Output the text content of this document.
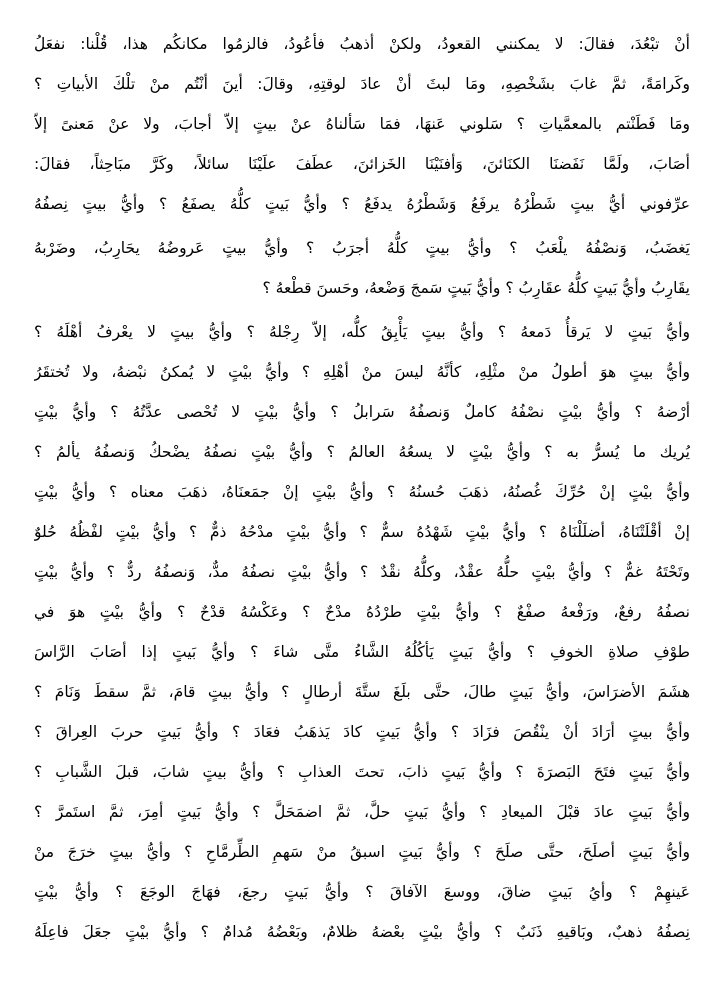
أنْ تبْعُدَ، فقالَ: لا يمكنني القعودُ، ولكنْ أذهبُ فأعُودُ، فالزمُوا مكانكُم هذا، قُلْنا: نفعَلُ
وكَرامَةً، ثمَّ غابَ بشَخْصِهِ، ومَا لبثَ أنْ عادَ لوقتِهِ، وقالَ: أينَ أنْتُم منْ تلْكَ الأبياتِ ؟
ومَا فَطَنْتم بالمعمَّياتِ ؟ سَلوني عَنهَا، فمَا سَألناهُ عنْ بيتٍ إلاّ أجابَ، ولا عنْ مَعنىً إلاّ
أصَابَ، ولَمَّا نَفَضنَا الكنَائنَ، وَأفنَيْنَا الخَزائنَ، عطَفَ علَيْنَا سائلاً، وكَرَّ مبَاحِثاً، فقالَ:
عرِّفوني أيُّ بيتٍ شَطْرُهُ يرفَعُ وَشَطْرُهُ يدفَعُ ؟ وأيُّ بَيتٍ كلُّهُ يصفَعُ ؟ وأيُّ بيتٍ نِصفُهُ
يَغضَبُ، وَنصْفُهُ يلْعَبُ ؟ وأيُّ بيتٍ كلُّهُ أجرَبُ ؟ وأيُّ بيتٍ عَروضُهُ يحَارِبُ، وضَرْبهُ
يقَارِبُ وأيُّ بَيتٍ كلُّهُ عقَارِبُ ؟ وأيُّ بَيتٍ سَمجَ وَضْعهُ، وحَسنَ قطْعهُ ؟
وأيُّ بَيتٍ لا يَرقأُ دَمعهُ ؟ وأيُّ بيتٍ يَأْبِقُ كلُّه، إلاّ رِجْلهُ ؟ وأيُّ بيتٍ لا يعْرفُ أهْلَهُ ؟
وأيُّ بيتٍ هوَ أطولُ منْ مثْلِهِ، كأنَّهُ ليسَ منْ أهْلِهِ ؟ وأيُّ بيْتٍ لا يُمكنُ نبْضهُ، ولا تُختقَرُ
أرْضهُ ؟ وأيُّ بيْتٍ نصْفُهُ كاملٌ وَنصفُهُ سَرابلُ ؟ وأيُّ بيْتٍ لا تُحْصى عدَّتُهُ ؟ وأيُّ بيْتٍ
يُريك ما يُسرُّ به ؟ وأيُّ بيْتٍ لا يسعُهُ العالمُ ؟ وأيُّ بيْتٍ نصفُهُ يضْحكُ وَنصفُهُ يألمُ ؟
وأيُّ بيْتٍ إنْ حُرِّكَ غُصنُهُ، ذهَبَ حُسنُهُ ؟ وأيُّ بيْتٍ إنْ جمَعنَاهُ، ذهَبَ معناه ؟ وأيُّ بيْتٍ
إنْ أقْلَتْنَاهُ، أضلَلْنَاهُ ؟ وأيُّ بيْتٍ شَهْدُهُ سمٌّ ؟ وأيُّ بيْتٍ مدْحُهُ ذمٌّ ؟ وأيُّ بيْتٍ لفْظُهُ حُلوٌ
وتَحْتَهُ غمٌّ ؟ وأيُّ بيْتٍ حلُّهُ عقْدٌ، وكلُّهُ نقْدٌ ؟ وأيُّ بيْتٍ نصفُهُ مدٌّ، وَنصفُهُ ردٌّ ؟ وأيُّ بيْتٍ
نصفُهُ رفعٌ، ورَفْعهُ صفْعٌ ؟ وأيُّ بيْتٍ طرْدُهُ مدْحٌ ؟ وعَكْسُهُ قدْحٌ ؟ وأيُّ بيْتٍ هوَ في
طوْفِ صلاةِ الخوفِ ؟ وأيُّ بَيتٍ يَأكُلُهُ الشَّاءُ متَّى شاءَ ؟ وأيُّ بَيتٍ إذا أصَابَ الرَّاسَ
هشَمَ الأضرَاسَ، وأيُّ بَيتٍ طالَ، حتَّى بلَغَ ستَّةَ أرطالٍ ؟ وأيُّ بيتٍ قامَ، ثمَّ سقطَ وَنَامَ ؟
وأيُّ بيتٍ أرَادَ أنْ ينْقُصَ فزَادَ ؟ وأيُّ بَيتٍ كادَ يَذهَبُ فعَادَ ؟ وأيُّ بَيتٍ حربَ العِراقَ ؟
وأيُّ بَيتٍ فتَحَ البَصرَةَ ؟ وأيُّ بَيتٍ ذابَ، تحتَ العذابِ ؟ وأيُّ بيتٍ شابَ، قبلَ الشَّبابِ ؟
وأيُّ بَيتٍ عادَ قبْلَ الميعادِ ؟ وأيُّ بَيتٍ حلَّ، ثمَّ اضمَحَلَّ ؟ وأيُّ بَيتٍ أمِرَ، ثمَّ استَمرَّ ؟
وأيُّ بَيتٍ أصلَحَ، حتَّى صلَحَ ؟ وأيُّ بَيتٍ اسبقُ منْ سَهمِ الطِّرمَّاحِ ؟ وأيُّ بيتٍ خرَجَ منْ
عَينهِمْ ؟ وأيُ بَيتٍ ضاقَ، ووسعَ الآفاقَ ؟ وأيُّ بَيتٍ رجعَ، فهَاجَ الوجَعَ ؟ وأيُّ بيْتٍ
نِصفُهُ ذهبٌ، وبَاقيهِ ذَنَبٌ ؟ وأيُّ بيْتٍ بعْضهُ ظلامٌ، وبَعْضُهُ مُدامٌ ؟ وأيُّ بيْتٍ جعَلَ فاعِلَهُ
